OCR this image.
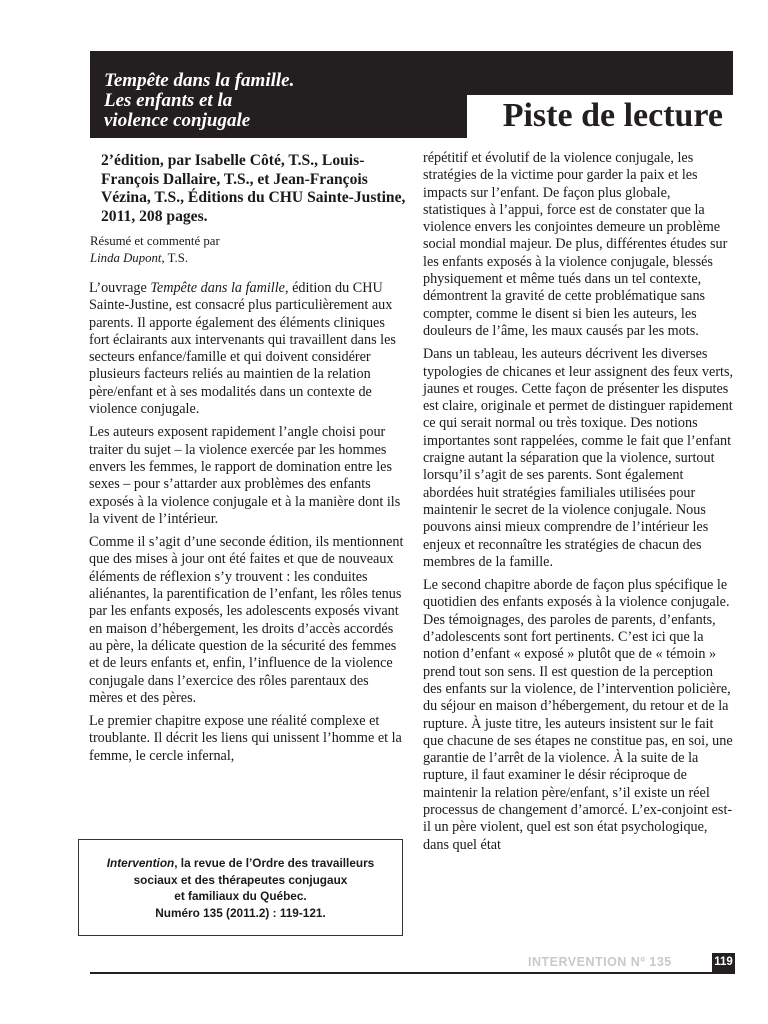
Tempête dans la famille.
Les enfants et la
violence conjugale	Piste de lecture

2’édition, par Isabelle Côté, T.S., Louis-François Dallaire, T.S., et Jean-François Vézina, T.S., Éditions du CHU Sainte-Justine, 2011, 208 pages.

Résumé et commenté par
Linda Dupont, T.S.

L’ouvrage Tempête dans la famille, édition du CHU Sainte-Justine, est consacré plus particulièrement aux parents. Il apporte également des éléments cliniques fort éclairants aux intervenants qui travaillent dans les secteurs enfance/famille et qui doivent considérer plusieurs facteurs reliés au maintien de la relation père/enfant et à ses modalités dans un contexte de violence conjugale.

Les auteurs exposent rapidement l’angle choisi pour traiter du sujet – la violence exercée par les hommes envers les femmes, le rapport de domination entre les sexes – pour s’attarder aux problèmes des enfants exposés à la violence conjugale et à la manière dont ils la vivent de l’intérieur.

Comme il s’agit d’une seconde édition, ils mentionnent que des mises à jour ont été faites et que de nouveaux éléments de réflexion s’y trouvent : les conduites aliénantes, la parentification de l’enfant, les rôles tenus par les enfants exposés, les adolescents exposés vivant en maison d’hébergement, les droits d’accès accordés au père, la délicate question de la sécurité des femmes et de leurs enfants et, enfin, l’influence de la violence conjugale dans l’exercice des rôles parentaux des mères et des pères.

Le premier chapitre expose une réalité complexe et troublante. Il décrit les liens qui unissent l’homme et la femme, le cercle infernal,

répétitif et évolutif de la violence conjugale, les stratégies de la victime pour garder la paix et les impacts sur l’enfant. De façon plus globale, statistiques à l’appui, force est de constater que la violence envers les conjointes demeure un problème social mondial majeur. De plus, différentes études sur les enfants exposés à la violence conjugale, blessés physiquement et même tués dans un tel contexte, démontrent la gravité de cette problématique sans compter, comme le disent si bien les auteurs, les douleurs de l’âme, les maux causés par les mots.

Dans un tableau, les auteurs décrivent les diverses typologies de chicanes et leur assignent des feux verts, jaunes et rouges. Cette façon de présenter les disputes est claire, originale et permet de distinguer rapidement ce qui serait normal ou très toxique. Des notions importantes sont rappelées, comme le fait que l’enfant craigne autant la séparation que la violence, surtout lorsqu’il s’agit de ses parents. Sont également abordées huit stratégies familiales utilisées pour maintenir le secret de la violence conjugale. Nous pouvons ainsi mieux comprendre de l’intérieur les enjeux et reconnaître les stratégies de chacun des membres de la famille.

Le second chapitre aborde de façon plus spécifique le quotidien des enfants exposés à la violence conjugale. Des témoignages, des paroles de parents, d’enfants, d’adolescents sont fort pertinents. C’est ici que la notion d’enfant « exposé » plutôt que de « témoin » prend tout son sens. Il est question de la perception des enfants sur la violence, de l’intervention policière, du séjour en maison d’hébergement, du retour et de la rupture. À juste titre, les auteurs insistent sur le fait que chacune de ses étapes ne constitue pas, en soi, une garantie de l’arrêt de la violence. À la suite de la rupture, il faut examiner le désir réciproque de maintenir la relation père/enfant, s’il existe un réel processus de changement d’amorcé. L’ex-conjoint est-il un père violent, quel est son état psychologique, dans quel état

Intervention, la revue de l’Ordre des travailleurs
sociaux et des thérapeutes conjugaux
et familiaux du Québec.
Numéro 135 (2011.2) : 119-121.
INTERVENTION Nº 135	119
